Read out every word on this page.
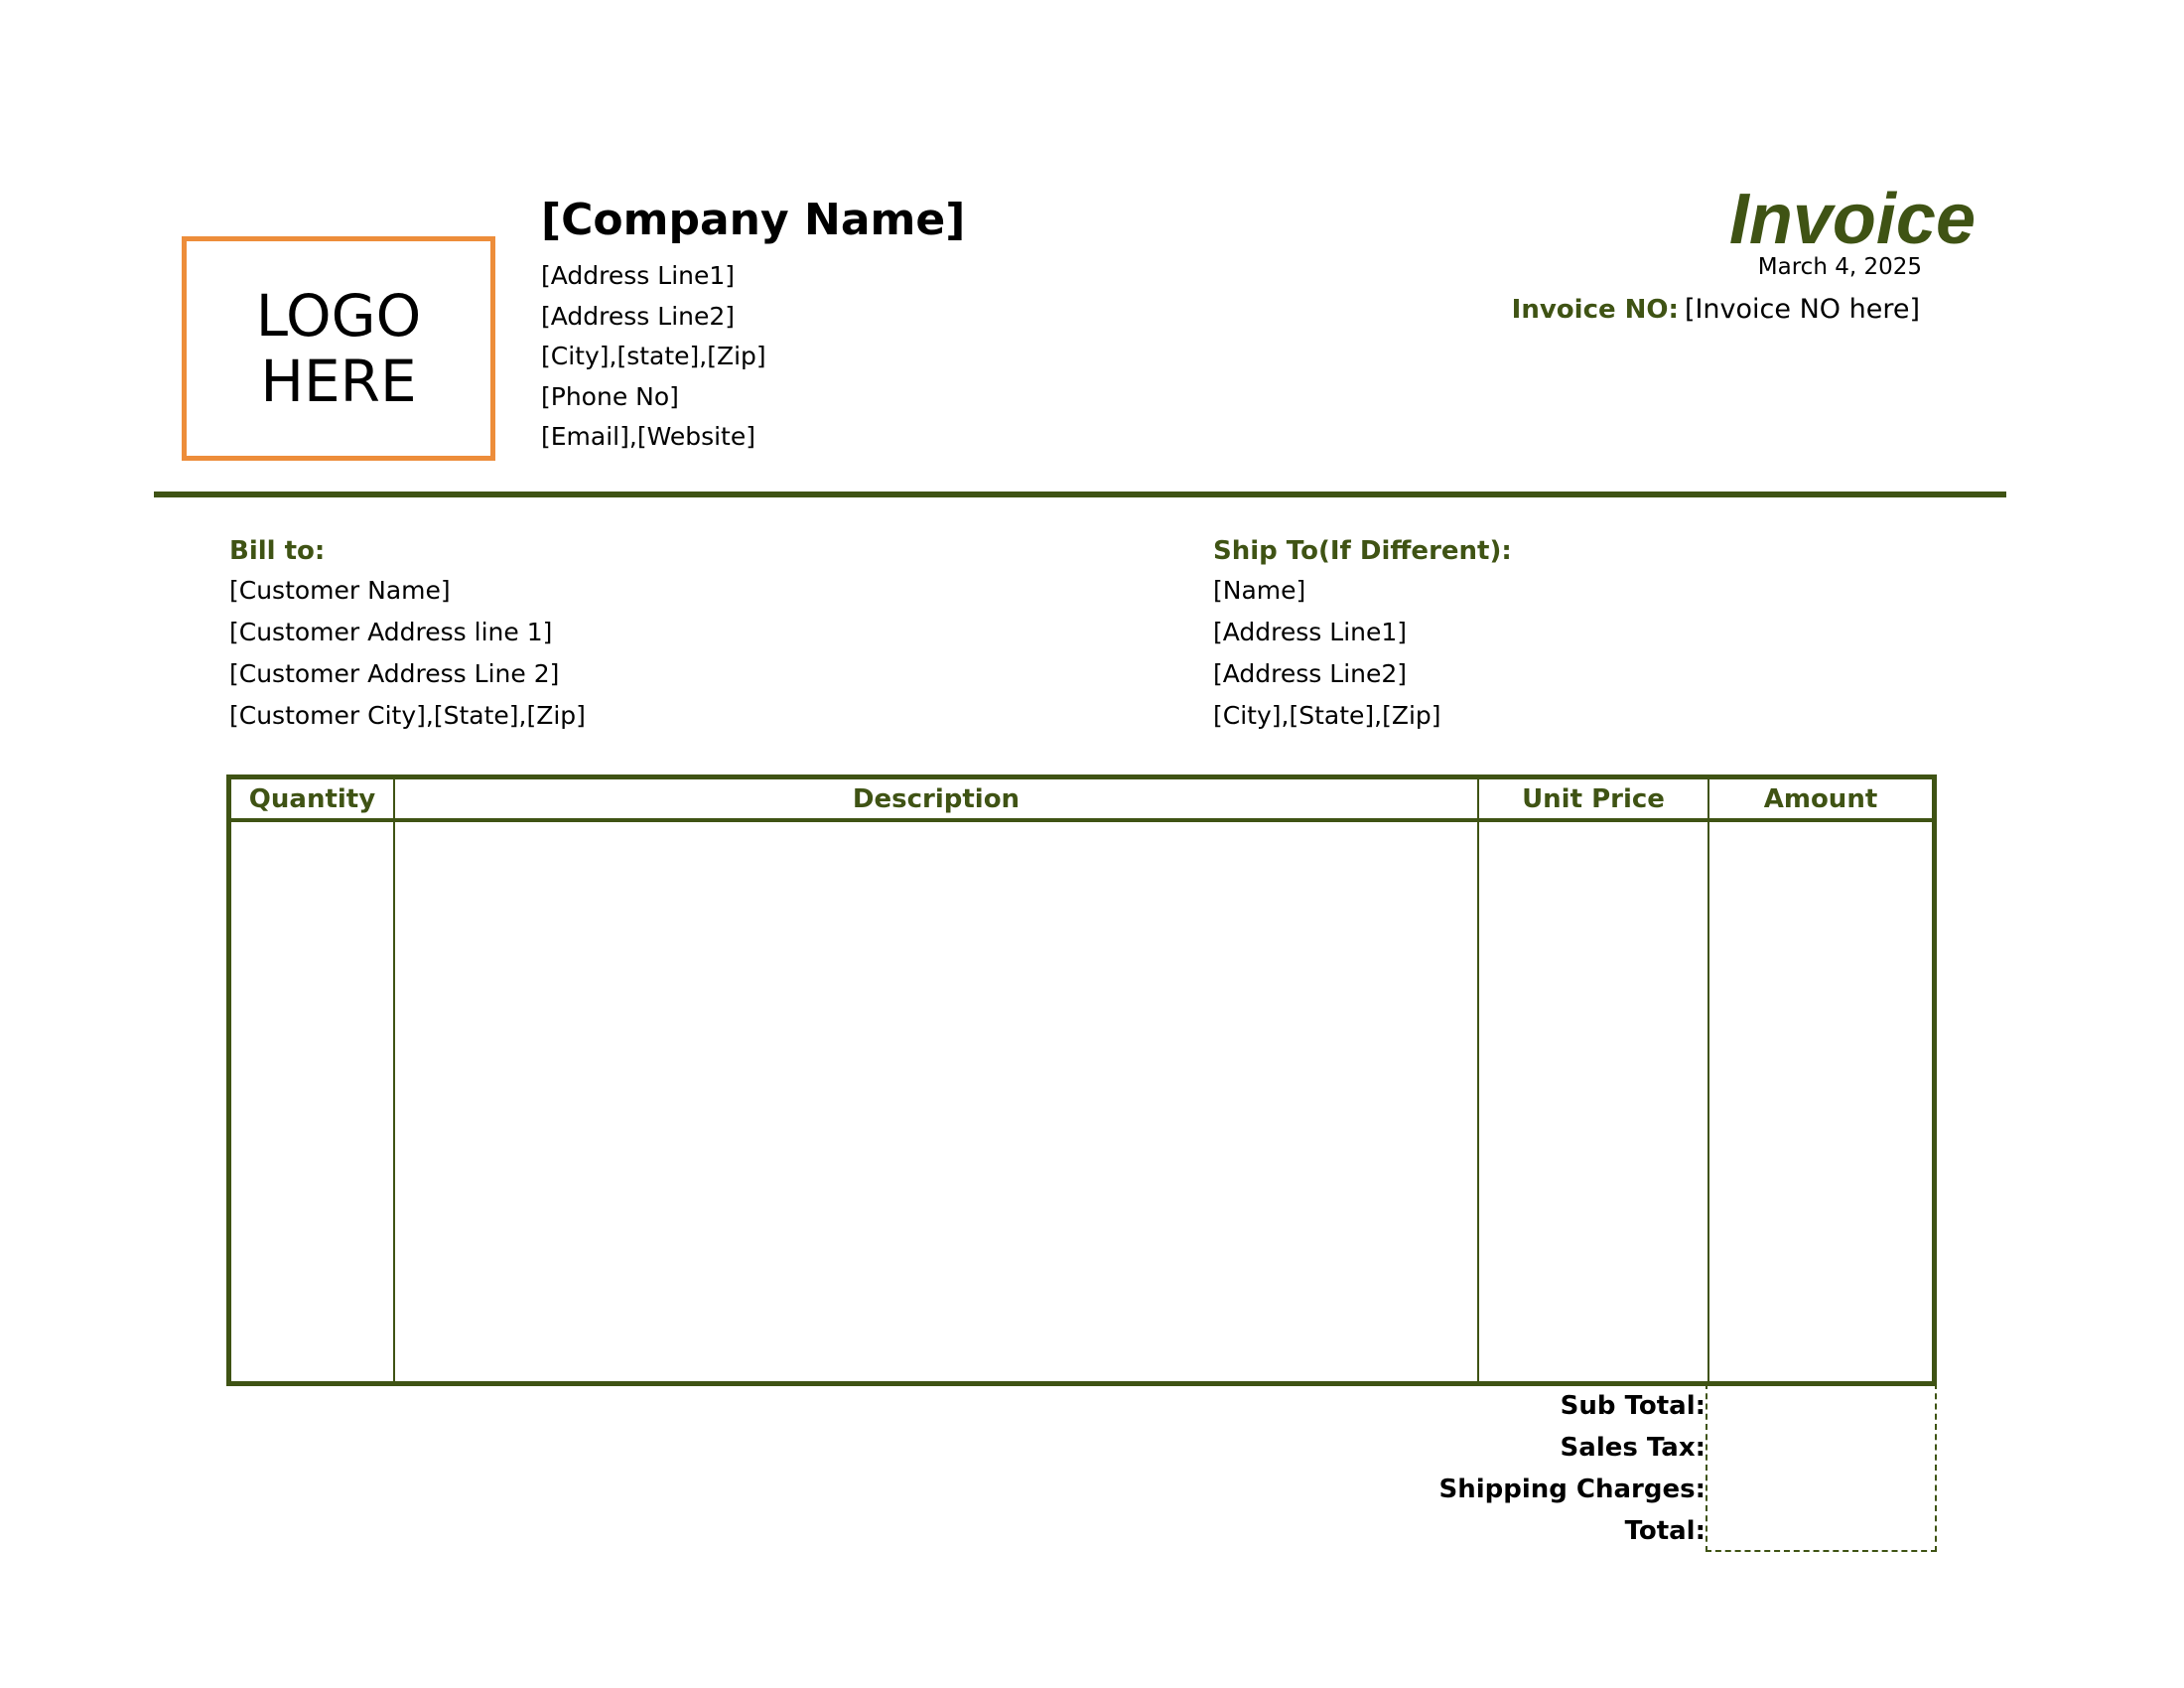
LOGO
HERE
[Company Name]
[Address Line1]
[Address Line2]
[City],[state],[Zip]
[Phone No]
[Email],[Website]
Invoice
March 4, 2025
Invoice NO: [Invoice NO here]
Bill to:
[Customer Name]
[Customer Address line 1]
[Customer Address Line 2]
[Customer City],[State],[Zip]
Ship To(If Different):
[Name]
[Address Line1]
[Address Line2]
[City],[State],[Zip]
Quantity	Description	Unit Price	Amount
Sub Total:
Sales Tax:
Shipping Charges:
Total:
